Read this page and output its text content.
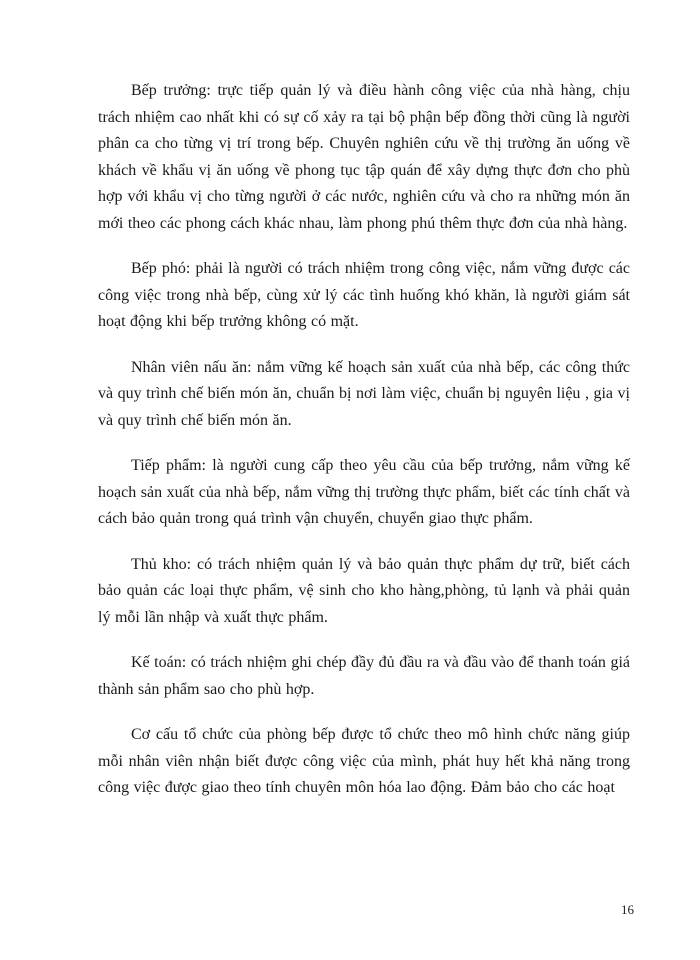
Bếp trưởng: trực tiếp quản lý và điều hành công việc của nhà hàng, chịu trách nhiệm cao nhất khi có sự cố xảy ra tại bộ phận bếp đồng thời cũng là người phân ca cho từng vị trí trong bếp. Chuyên nghiên cứu về thị trường ăn uống về khách về khẩu vị ăn uống về phong tục tập quán để xây dựng thực đơn cho phù hợp với khẩu vị cho từng người ở các nước, nghiên cứu và cho ra những món ăn mới theo các phong cách khác nhau, làm phong phú thêm thực đơn của nhà hàng.

Bếp phó: phải là người có trách nhiệm trong công việc, nắm vững được các công việc trong nhà bếp, cùng xử lý các tình huống khó khăn, là người giám sát hoạt động khi bếp trưởng không có mặt.

Nhân viên nấu ăn: nắm vững kế hoạch sản xuất của nhà bếp, các công thức và quy trình chế biến món ăn, chuẩn bị nơi làm việc, chuẩn bị nguyên liệu , gia vị và quy trình chế biến món ăn.

Tiếp phẩm: là người cung cấp theo yêu cầu của bếp trưởng, nắm vững kế hoạch sản xuất của nhà bếp, nắm vững thị trường thực phẩm, biết các tính chất và cách bảo quản trong quá trình vận chuyển, chuyển giao thực phẩm.

Thủ kho: có trách nhiệm quản lý và bảo quản thực phẩm dự trữ, biết cách bảo quản các loại thực phẩm, vệ sinh cho kho hàng,phòng, tủ lạnh và phải quản lý mỗi lần nhập và xuất thực phẩm.

Kế toán: có trách nhiệm ghi chép đầy đủ đầu ra và đầu vào để thanh toán giá thành sản phẩm sao cho phù hợp.

Cơ cấu tổ chức của phòng bếp được tổ chức theo mô hình chức năng giúp mỗi nhân viên nhận biết được công việc của mình, phát huy hết khả năng trong công việc được giao theo tính chuyên môn hóa lao động. Đảm bảo cho các hoạt

16
